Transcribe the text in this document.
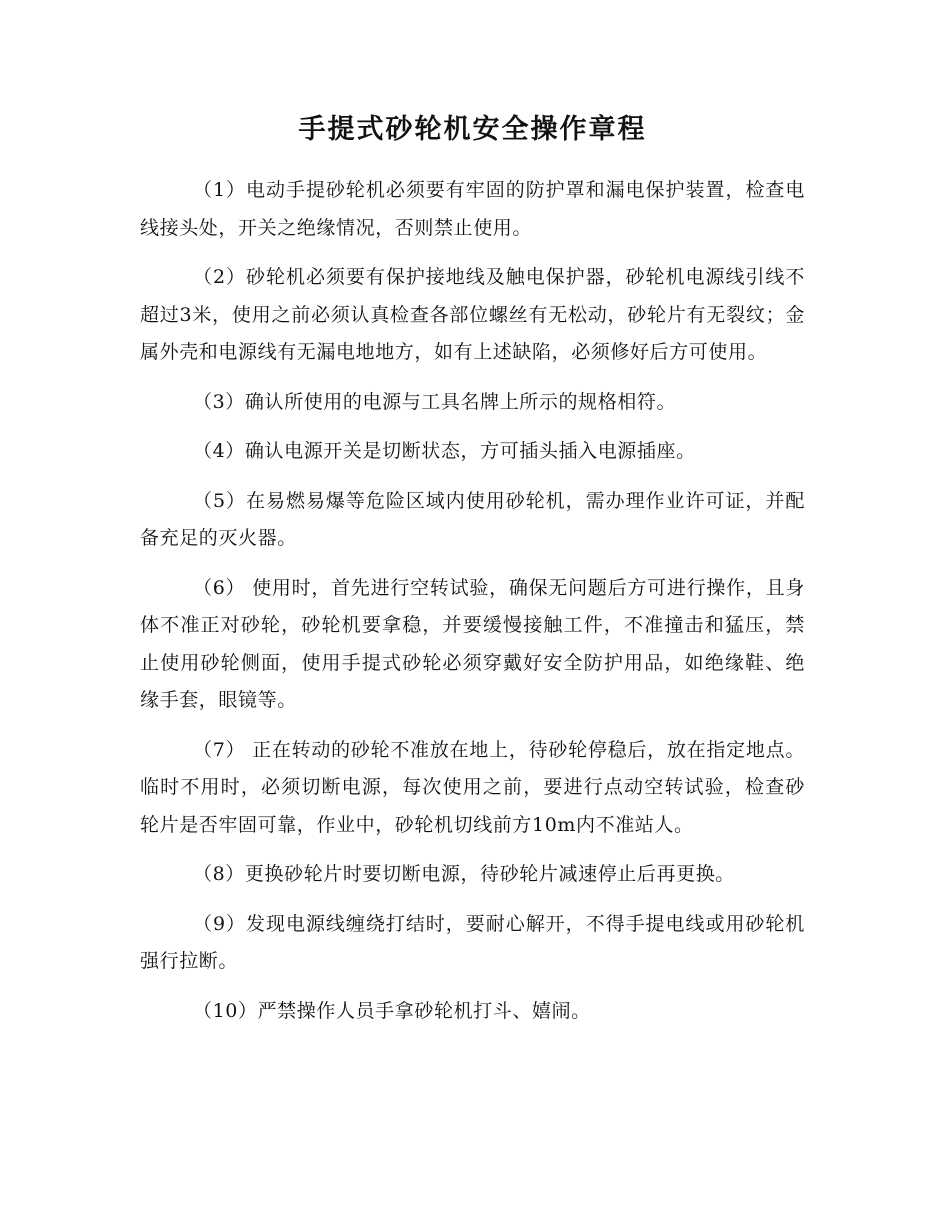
手提式砂轮机安全操作章程

（1）电动手提砂轮机必须要有牢固的防护罩和漏电保护装置，检查电线接头处，开关之绝缘情况，否则禁止使用。

（2）砂轮机必须要有保护接地线及触电保护器，砂轮机电源线引线不超过3米，使用之前必须认真检查各部位螺丝有无松动，砂轮片有无裂纹；金属外壳和电源线有无漏电地地方，如有上述缺陷，必须修好后方可使用。

（3）确认所使用的电源与工具名牌上所示的规格相符。

（4）确认电源开关是切断状态，方可插头插入电源插座。

（5）在易燃易爆等危险区域内使用砂轮机，需办理作业许可证，并配备充足的灭火器。

（6） 使用时，首先进行空转试验，确保无问题后方可进行操作，且身体不准正对砂轮，砂轮机要拿稳，并要缓慢接触工件，不准撞击和猛压，禁止使用砂轮侧面，使用手提式砂轮必须穿戴好安全防护用品，如绝缘鞋、绝缘手套，眼镜等。

（7） 正在转动的砂轮不准放在地上，待砂轮停稳后，放在指定地点。临时不用时，必须切断电源，每次使用之前，要进行点动空转试验，检查砂轮片是否牢固可靠，作业中，砂轮机切线前方10m内不准站人。

（8）更换砂轮片时要切断电源，待砂轮片减速停止后再更换。

（9）发现电源线缠绕打结时，要耐心解开，不得手提电线或用砂轮机强行拉断。

（10）严禁操作人员手拿砂轮机打斗、嬉闹。
